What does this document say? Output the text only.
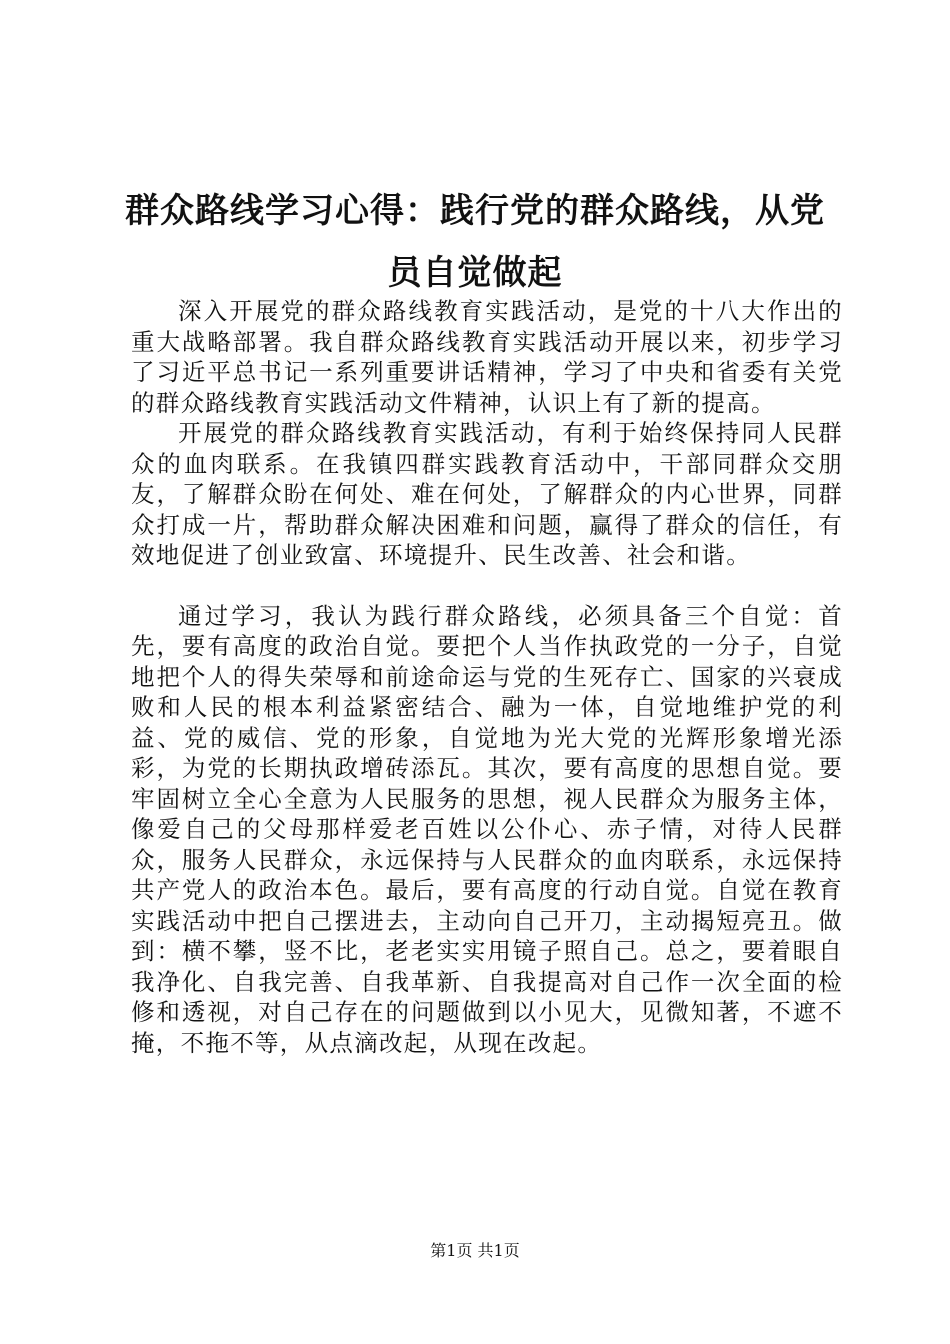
群众路线学习心得：践行党的群众路线，从党员自觉做起

深入开展党的群众路线教育实践活动，是党的十八大作出的重大战略部署。我自群众路线教育实践活动开展以来，初步学习了习近平总书记一系列重要讲话精神，学习了中央和省委有关党的群众路线教育实践活动文件精神，认识上有了新的提高。

开展党的群众路线教育实践活动，有利于始终保持同人民群众的血肉联系。在我镇四群实践教育活动中，干部同群众交朋友，了解群众盼在何处、难在何处，了解群众的内心世界，同群众打成一片，帮助群众解决困难和问题，赢得了群众的信任，有效地促进了创业致富、环境提升、民生改善、社会和谐。

通过学习，我认为践行群众路线，必须具备三个自觉：首先，要有高度的政治自觉。要把个人当作执政党的一分子，自觉地把个人的得失荣辱和前途命运与党的生死存亡、国家的兴衰成败和人民的根本利益紧密结合、融为一体，自觉地维护党的利益、党的威信、党的形象，自觉地为光大党的光辉形象增光添彩，为党的长期执政增砖添瓦。其次，要有高度的思想自觉。要牢固树立全心全意为人民服务的思想，视人民群众为服务主体，像爱自己的父母那样爱老百姓以公仆心、赤子情，对待人民群众，服务人民群众，永远保持与人民群众的血肉联系，永远保持共产党人的政治本色。最后，要有高度的行动自觉。自觉在教育实践活动中把自己摆进去，主动向自己开刀，主动揭短亮丑。做到：横不攀，竖不比，老老实实用镜子照自己。总之，要着眼自我净化、自我完善、自我革新、自我提高对自己作一次全面的检修和透视，对自己存在的问题做到以小见大，见微知著，不遮不掩，不拖不等，从点滴改起，从现在改起。

第1页 共1页
